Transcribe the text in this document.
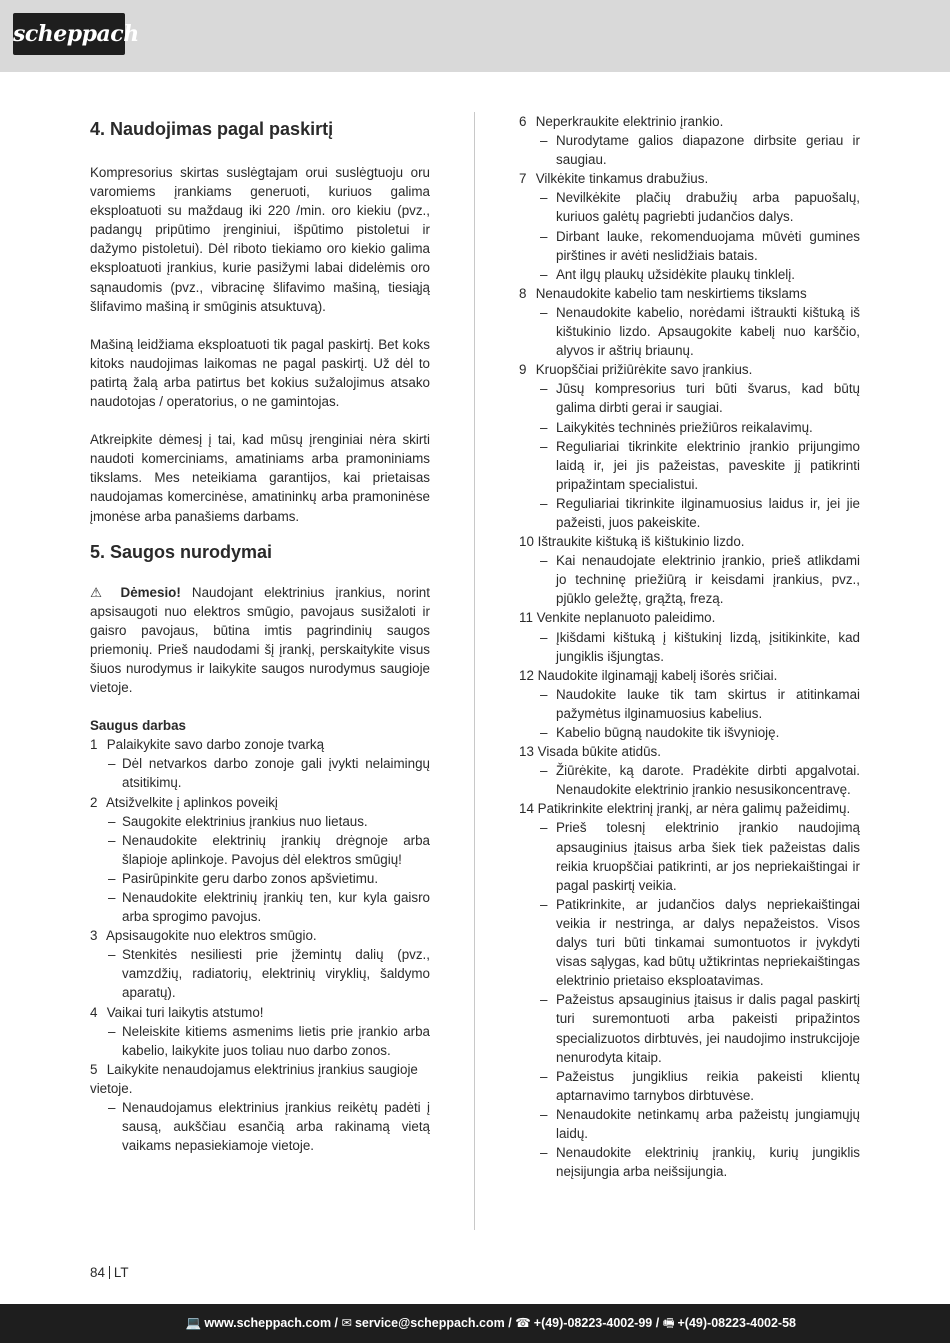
scheppach
4. Naudojimas pagal paskirtį

Kompresorius skirtas suslėgtajam orui suslėgtuoju oru varomiems įrankiams generuoti, kuriuos galima eksploatuoti su maždaug iki 220 /min. oro kiekiu (pvz., padangų pripūtimo įrenginiui, išpūtimo pistoletui ir dažymo pistoletui). Dėl riboto tiekiamo oro kiekio galima eksploatuoti įrankius, kurie pasižymi labai didelėmis oro sąnaudomis (pvz., vibracinę šlifavimo mašiną, tiesiąją šlifavimo mašiną ir smūginis atsuktuvą).

Mašiną leidžiama eksploatuoti tik pagal paskirtį. Bet koks kitoks naudojimas laikomas ne pagal paskirtį. Už dėl to patirtą žalą arba patirtus bet kokius sužalojimus atsako naudotojas / operatorius, o ne gamintojas.

Atkreipkite dėmesį į tai, kad mūsų įrenginiai nėra skirti naudoti komerciniams, amatiniams arba pramoniniams tikslams. Mes neteikiama garantijos, kai prietaisas naudojamas komercinėse, amatininkų arba pramoninėse įmonėse arba panašiems darbams.

5. Saugos nurodymai

⚠ Dėmesio! Naudojant elektrinius įrankius, norint apsisaugoti nuo elektros smūgio, pavojaus susižaloti ir gaisro pavojaus, būtina imtis pagrindinių saugos priemonių. Prieš naudodami šį įrankį, perskaitykite visus šiuos nurodymus ir laikykite saugos nurodymus saugioje vietoje.

Saugus darbas
1 Palaikykite savo darbo zonoje tvarką
– Dėl netvarkos darbo zonoje gali įvykti nelaimingų atsitikimų.
2 Atsižvelkite į aplinkos poveikį
– Saugokite elektrinius įrankius nuo lietaus.
– Nenaudokite elektrinių įrankių drėgnoje arba šlapioje aplinkoje. Pavojus dėl elektros smūgių!
– Pasirūpinkite geru darbo zonos apšvietimu.
– Nenaudokite elektrinių įrankių ten, kur kyla gaisro arba sprogimo pavojus.
3 Apsisaugokite nuo elektros smūgio.
– Stenkitės nesiliesti prie įžemintų dalių (pvz., vamzdžių, radiatorių, elektrinių viryklių, šaldymo aparatų).
4 Vaikai turi laikytis atstumo!
– Neleiskite kitiems asmenims lietis prie įrankio arba kabelio, laikykite juos toliau nuo darbo zonos.
5 Laikykite nenaudojamus elektrinius įrankius saugioje vietoje.
– Nenaudojamus elektrinius įrankius reikėtų padėti į sausą, aukščiau esančią arba rakinamą vietą vaikams nepasiekiamoje vietoje.
6 Neperkraukite elektrinio įrankio.
– Nurodytame galios diapazone dirbsite geriau ir saugiau.
7 Vilkėkite tinkamus drabužius.
– Nevilkėkite plačių drabužių arba papuošalų, kuriuos galėtų pagriebti judančios dalys.
– Dirbant lauke, rekomenduojama mūvėti gumines pirštines ir avėti neslidžiais batais.
– Ant ilgų plaukų užsidėkite plaukų tinklelį.
8 Nenaudokite kabelio tam neskirtiems tikslams
– Nenaudokite kabelio, norėdami ištraukti kištuką iš kištukinio lizdo. Apsaugokite kabelį nuo karščio, alyvos ir aštrių briaunų.
9 Kruopščiai prižiūrėkite savo įrankius.
– Jūsų kompresorius turi būti švarus, kad būtų galima dirbti gerai ir saugiai.
– Laikykitės techninės priežiūros reikalavimų.
– Reguliariai tikrinkite elektrinio įrankio prijungimo laidą ir, jei jis pažeistas, paveskite jį patikrinti pripažintam specialistui.
– Reguliariai tikrinkite ilginamuosius laidus ir, jei jie pažeisti, juos pakeiskite.
10 Ištraukite kištuką iš kištukinio lizdo.
– Kai nenaudojate elektrinio įrankio, prieš atlikdami jo techninę priežiūrą ir keisdami įrankius, pvz., pjūklo geležtę, grąžtą, frezą.
11 Venkite neplanuoto paleidimo.
– Įkišdami kištuką į kištukinį lizdą, įsitikinkite, kad jungiklis išjungtas.
12 Naudokite ilginamąjį kabelį išorės sričiai.
– Naudokite lauke tik tam skirtus ir atitinkamai pažymėtus ilginamuosius kabelius.
– Kabelio būgną naudokite tik išvynioję.
13 Visada būkite atidūs.
– Žiūrėkite, ką darote. Pradėkite dirbti apgalvotai. Nenaudokite elektrinio įrankio nesusikoncentravę.
14 Patikrinkite elektrinį įrankį, ar nėra galimų pažeidimų.
– Prieš tolesnį elektrinio įrankio naudojimą apsauginius įtaisus arba šiek tiek pažeistas dalis reikia kruopščiai patikrinti, ar jos nepriekaištingai ir pagal paskirtį veikia.
– Patikrinkite, ar judančios dalys nepriekaištingai veikia ir nestringa, ar dalys nepažeistos. Visos dalys turi būti tinkamai sumontuotos ir įvykdyti visas sąlygas, kad būtų užtikrintas nepriekaištingas elektrinio prietaiso eksploatavimas.
– Pažeistus apsauginius įtaisus ir dalis pagal paskirtį turi suremontuoti arba pakeisti pripažintos specializuotos dirbtuvės, jei naudojimo instrukcijoje nenurodyta kitaip.
– Pažeistus jungiklius reikia pakeisti klientų aptarnavimo tarnybos dirbtuvėse.
– Nenaudokite netinkamų arba pažeistų jungiamųjų laidų.
– Nenaudokite elektrinių įrankių, kurių jungiklis neįsijungia arba neišsijungia.
84 LT
💻 www.scheppach.com / ✉ service@scheppach.com / ☎ +(49)-08223-4002-99 / 🖷 +(49)-08223-4002-58
